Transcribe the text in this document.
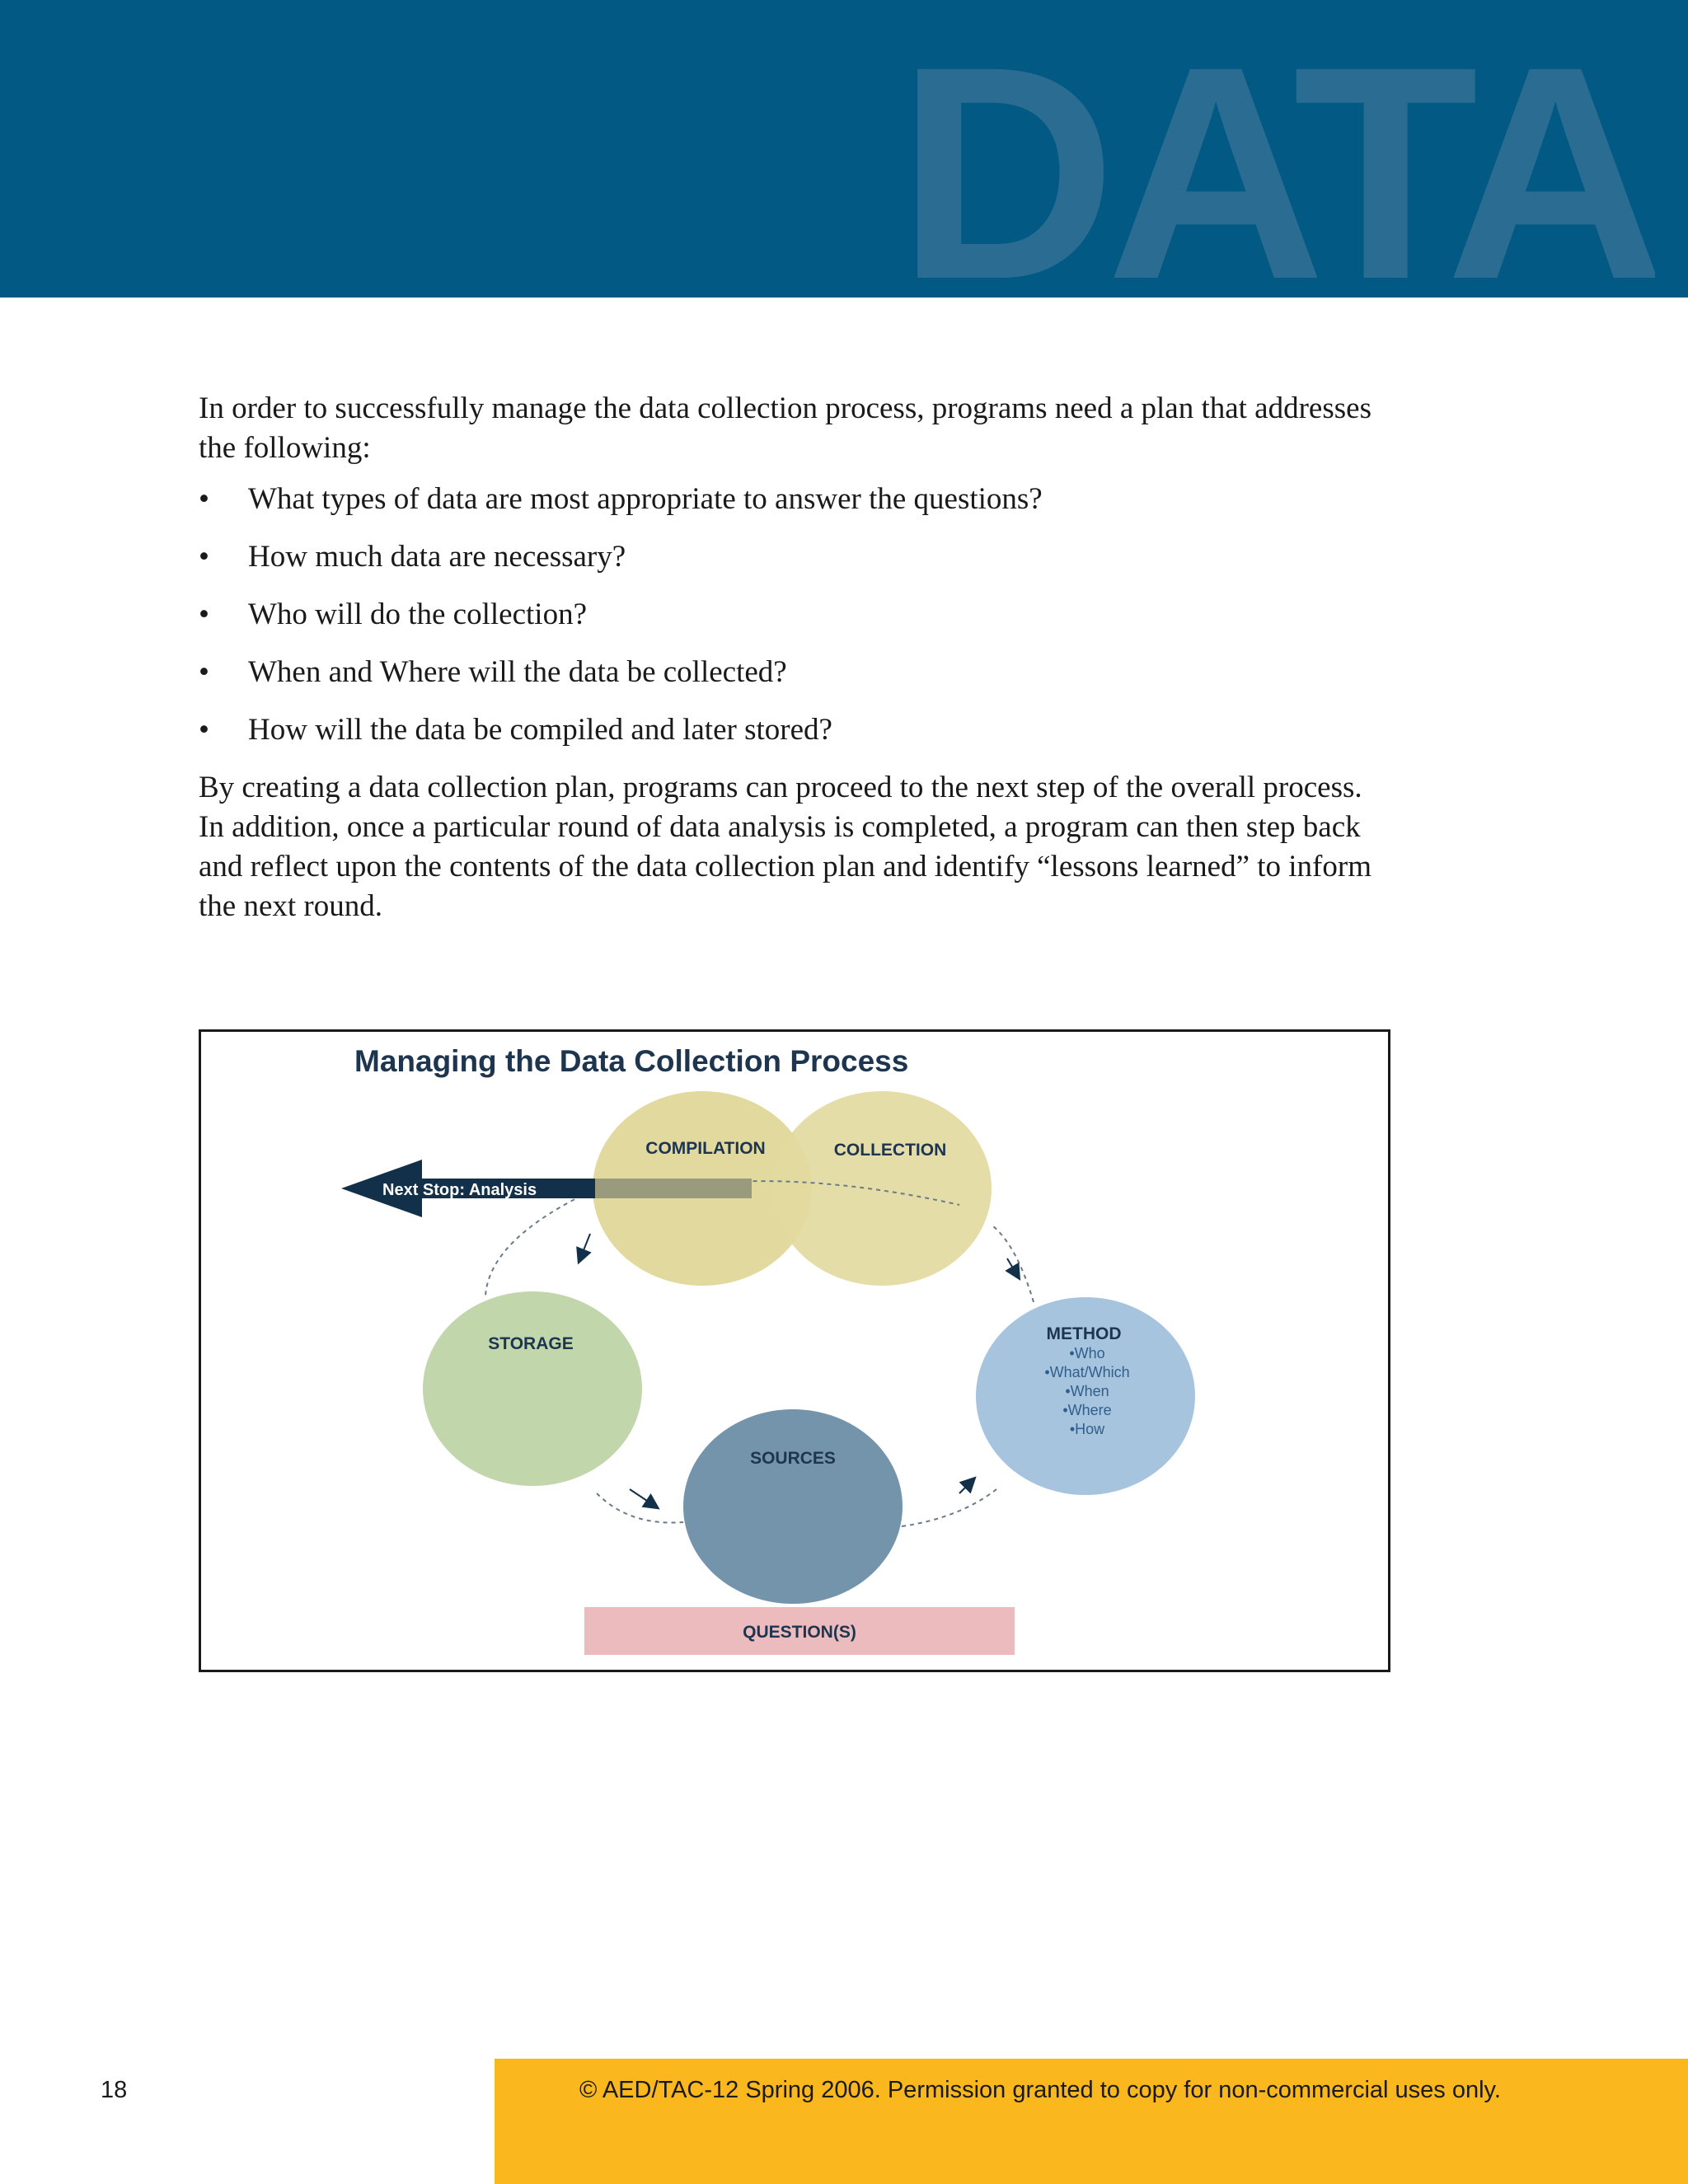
DATA

In order to successfully manage the data collection process, programs need a plan that addresses the following:

• What types of data are most appropriate to answer the questions?
• How much data are necessary?
• Who will do the collection?
• When and Where will the data be collected?
• How will the data be compiled and later stored?

By creating a data collection plan, programs can proceed to the next step of the overall process. In addition, once a particular round of data analysis is completed, a program can then step back and reflect upon the contents of the data collection plan and identify “lessons learned” to inform the next round.

Managing the Data Collection Process
Next Stop: Analysis
COMPILATION	COLLECTION
STORAGE
METHOD
•Who
•What/Which
•When
•Where
•How
SOURCES
QUESTION(S)
18	© AED/TAC-12 Spring 2006. Permission granted to copy for non-commercial uses only.
